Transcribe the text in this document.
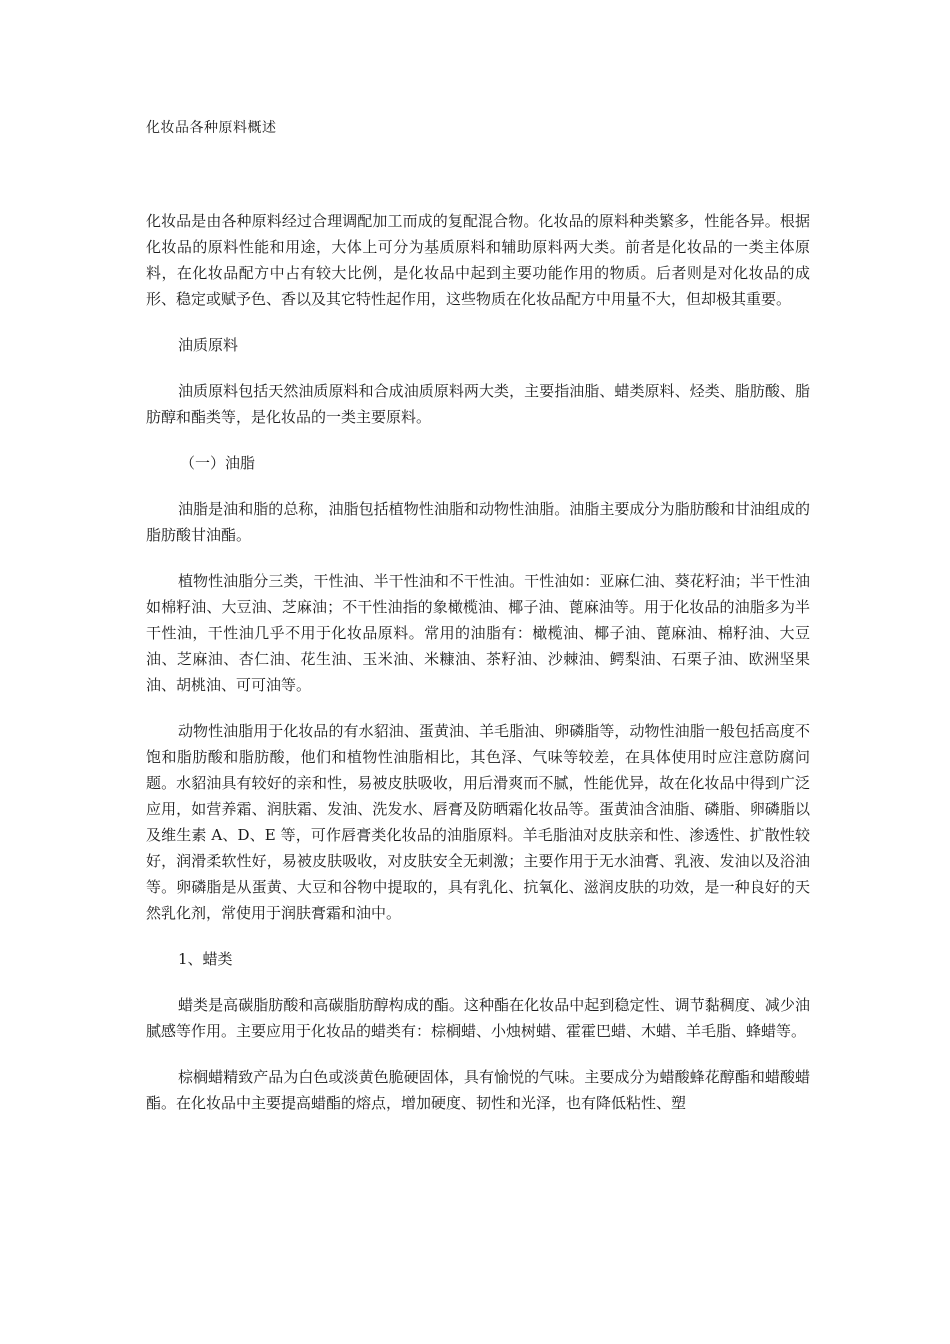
化妆品各种原料概述

化妆品是由各种原料经过合理调配加工而成的复配混合物。化妆品的原料种类繁多，性能各异。根据化妆品的原料性能和用途，大体上可分为基质原料和辅助原料两大类。前者是化妆品的一类主体原料，在化妆品配方中占有较大比例，是化妆品中起到主要功能作用的物质。后者则是对化妆品的成形、稳定或赋予色、香以及其它特性起作用，这些物质在化妆品配方中用量不大，但却极其重要。

油质原料

油质原料包括天然油质原料和合成油质原料两大类，主要指油脂、蜡类原料、烃类、脂肪酸、脂肪醇和酯类等，是化妆品的一类主要原料。

（一）油脂

油脂是油和脂的总称，油脂包括植物性油脂和动物性油脂。油脂主要成分为脂肪酸和甘油组成的脂肪酸甘油酯。

植物性油脂分三类，干性油、半干性油和不干性油。干性油如：亚麻仁油、葵花籽油；半干性油如棉籽油、大豆油、芝麻油；不干性油指的象橄榄油、椰子油、蓖麻油等。用于化妆品的油脂多为半干性油，干性油几乎不用于化妆品原料。常用的油脂有：橄榄油、椰子油、蓖麻油、棉籽油、大豆油、芝麻油、杏仁油、花生油、玉米油、米糠油、茶籽油、沙棘油、鳄梨油、石栗子油、欧洲坚果油、胡桃油、可可油等。

动物性油脂用于化妆品的有水貂油、蛋黄油、羊毛脂油、卵磷脂等，动物性油脂一般包括高度不饱和脂肪酸和脂肪酸，他们和植物性油脂相比，其色泽、气味等较差，在具体使用时应注意防腐问题。水貂油具有较好的亲和性，易被皮肤吸收，用后滑爽而不腻，性能优异，故在化妆品中得到广泛应用，如营养霜、润肤霜、发油、洗发水、唇膏及防晒霜化妆品等。蛋黄油含油脂、磷脂、卵磷脂以及维生素 A、D、E 等，可作唇膏类化妆品的油脂原料。羊毛脂油对皮肤亲和性、渗透性、扩散性较好，润滑柔软性好，易被皮肤吸收，对皮肤安全无刺激；主要作用于无水油膏、乳液、发油以及浴油等。卵磷脂是从蛋黄、大豆和谷物中提取的，具有乳化、抗氧化、滋润皮肤的功效，是一种良好的天然乳化剂，常使用于润肤膏霜和油中。

1、蜡类

蜡类是高碳脂肪酸和高碳脂肪醇构成的酯。这种酯在化妆品中起到稳定性、调节黏稠度、减少油腻感等作用。主要应用于化妆品的蜡类有：棕榈蜡、小烛树蜡、霍霍巴蜡、木蜡、羊毛脂、蜂蜡等。

棕榈蜡精致产品为白色或淡黄色脆硬固体，具有愉悦的气味。主要成分为蜡酸蜂花醇酯和蜡酸蜡酯。在化妆品中主要提高蜡酯的熔点，增加硬度、韧性和光泽，也有降低粘性、塑
